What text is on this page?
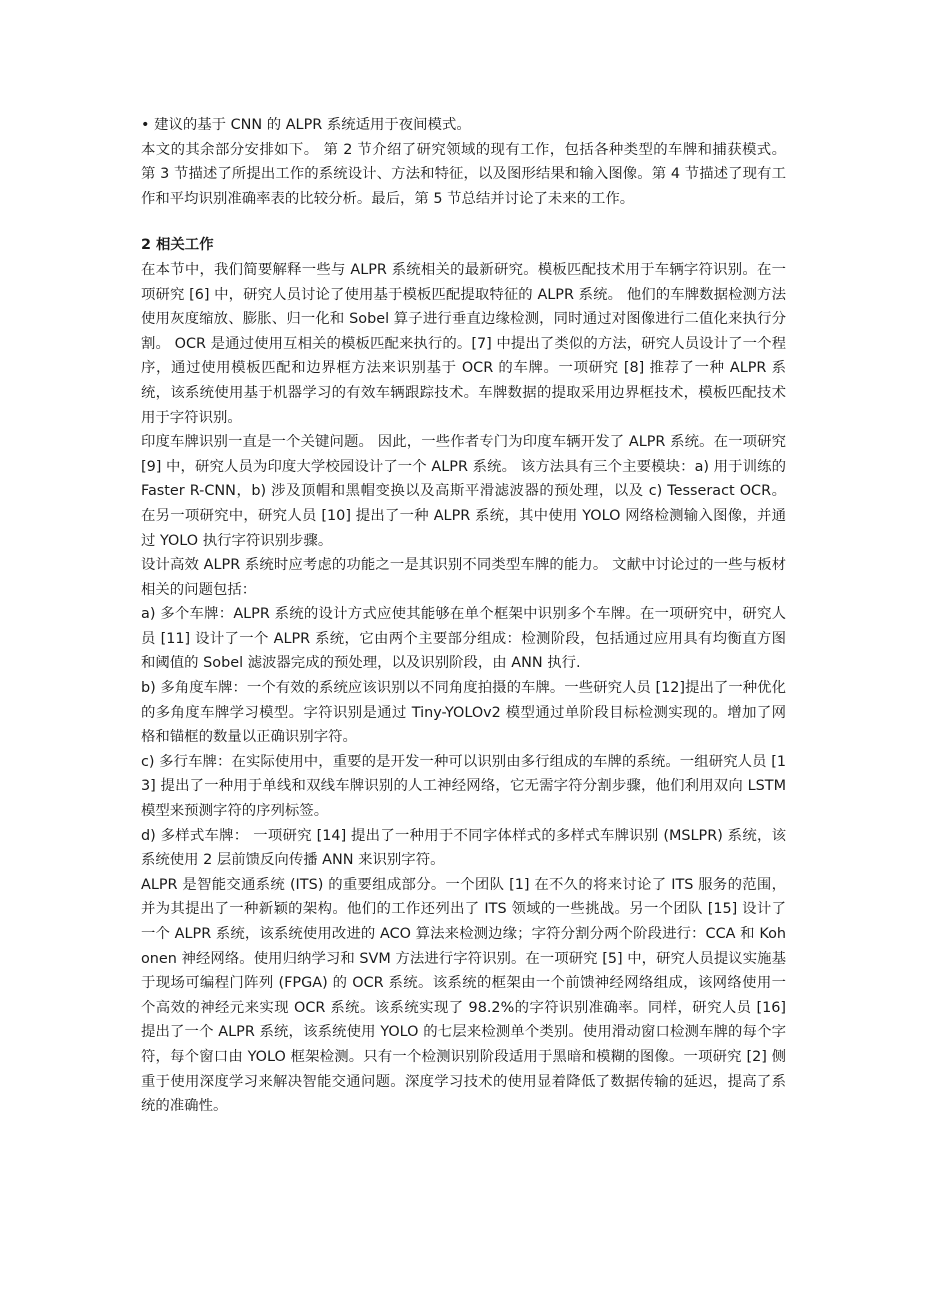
• 建议的基于 CNN 的 ALPR 系统适用于夜间模式。

本文的其余部分安排如下。 第 2 节介绍了研究领域的现有工作，包括各种类型的车牌和捕获模式。 第 3 节描述了所提出工作的系统设计、方法和特征，以及图形结果和输入图像。第 4 节描述了现有工作和平均识别准确率表的比较分析。最后，第 5 节总结并讨论了未来的工作。

2 相关工作

在本节中，我们简要解释一些与 ALPR 系统相关的最新研究。模板匹配技术用于车辆字符识别。在一项研究 [6] 中，研究人员讨论了使用基于模板匹配提取特征的 ALPR 系统。 他们的车牌数据检测方法使用灰度缩放、膨胀、归一化和 Sobel 算子进行垂直边缘检测，同时通过对图像进行二值化来执行分割。 OCR 是通过使用互相关的模板匹配来执行的。[7] 中提出了类似的方法，研究人员设计了一个程序，通过使用模板匹配和边界框方法来识别基于 OCR 的车牌。一项研究 [8] 推荐了一种 ALPR 系统，该系统使用基于机器学习的有效车辆跟踪技术。车牌数据的提取采用边界框技术，模板匹配技术用于字符识别。

印度车牌识别一直是一个关键问题。 因此，一些作者专门为印度车辆开发了 ALPR 系统。在一项研究 [9] 中，研究人员为印度大学校园设计了一个 ALPR 系统。 该方法具有三个主要模块：a) 用于训练的 Faster R-CNN，b) 涉及顶帽和黑帽变换以及高斯平滑滤波器的预处理，以及 c) Tesseract OCR。 在另一项研究中，研究人员 [10] 提出了一种 ALPR 系统，其中使用 YOLO 网络检测输入图像，并通过 YOLO 执行字符识别步骤。

设计高效 ALPR 系统时应考虑的功能之一是其识别不同类型车牌的能力。 文献中讨论过的一些与板材相关的问题包括：

a) 多个车牌：ALPR 系统的设计方式应使其能够在单个框架中识别多个车牌。在一项研究中，研究人员 [11] 设计了一个 ALPR 系统，它由两个主要部分组成：检测阶段，包括通过应用具有均衡直方图和阈值的 Sobel 滤波器完成的预处理，以及识别阶段，由 ANN 执行.

b) 多角度车牌：一个有效的系统应该识别以不同角度拍摄的车牌。一些研究人员 [12]提出了一种优化的多角度车牌学习模型。字符识别是通过 Tiny-YOLOv2 模型通过单阶段目标检测实现的。增加了网格和锚框的数量以正确识别字符。

c) 多行车牌：在实际使用中，重要的是开发一种可以识别由多行组成的车牌的系统。一组研究人员 [13] 提出了一种用于单线和双线车牌识别的人工神经网络，它无需字符分割步骤，他们利用双向 LSTM 模型来预测字符的序列标签。

d) 多样式车牌： 一项研究 [14] 提出了一种用于不同字体样式的多样式车牌识别 (MSLPR) 系统，该系统使用 2 层前馈反向传播 ANN 来识别字符。

ALPR 是智能交通系统 (ITS) 的重要组成部分。一个团队 [1] 在不久的将来讨论了 ITS 服务的范围，并为其提出了一种新颖的架构。他们的工作还列出了 ITS 领域的一些挑战。另一个团队 [15] 设计了一个 ALPR 系统，该系统使用改进的 ACO 算法来检测边缘；字符分割分两个阶段进行：CCA 和 Kohonen 神经网络。使用归纳学习和 SVM 方法进行字符识别。在一项研究 [5] 中，研究人员提议实施基于现场可编程门阵列 (FPGA) 的 OCR 系统。该系统的框架由一个前馈神经网络组成，该网络使用一个高效的神经元来实现 OCR 系统。该系统实现了 98.2%的字符识别准确率。同样，研究人员 [16] 提出了一个 ALPR 系统，该系统使用 YOLO 的七层来检测单个类别。使用滑动窗口检测车牌的每个字符，每个窗口由 YOLO 框架检测。只有一个检测识别阶段适用于黑暗和模糊的图像。一项研究 [2] 侧重于使用深度学习来解决智能交通问题。深度学习技术的使用显着降低了数据传输的延迟，提高了系统的准确性。
